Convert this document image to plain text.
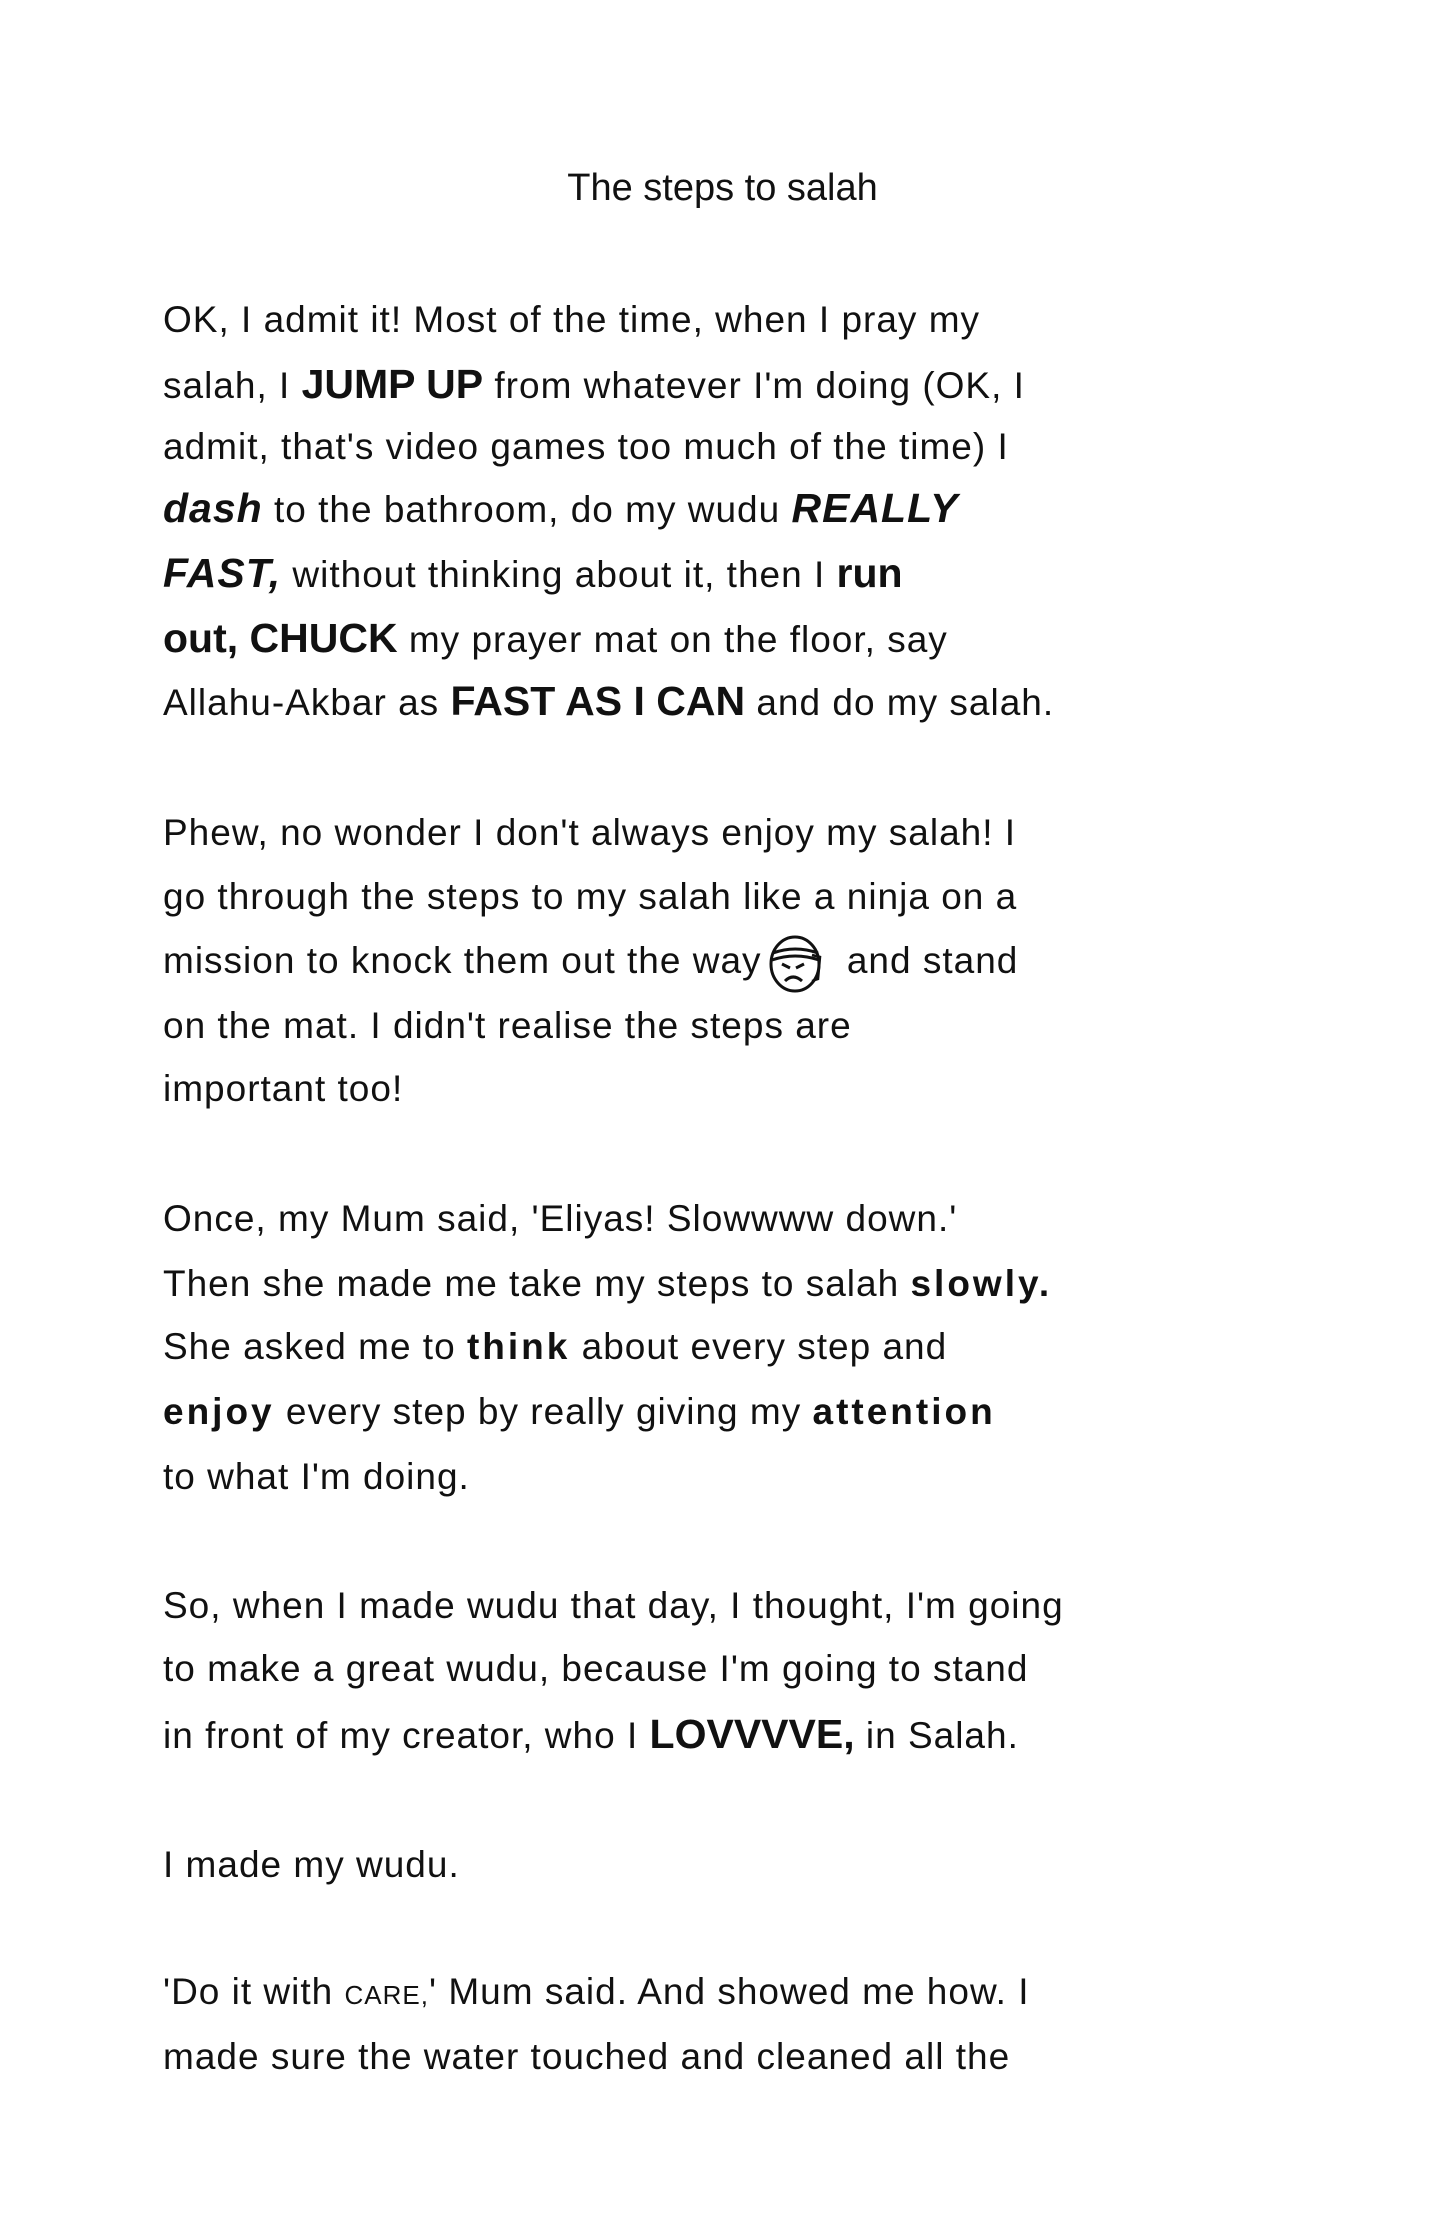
The steps to salah
OK, I admit it! Most of the time, when I pray my
salah, I JUMP UP from whatever I'm doing (OK, I
admit, that's video games too much of the time) I
dash to the bathroom, do my wudu REALLY
FAST, without thinking about it, then I run
out, CHUCK my prayer mat on the floor, say
Allahu-Akbar as FAST AS I CAN and do my salah.
Phew, no wonder I don't always enjoy my salah! I
go through the steps to my salah like a ninja on a
mission to knock them out the way and stand
on the mat. I didn't realise the steps are
important too!
Once, my Mum said, 'Eliyas! Slowwww down.'
Then she made me take my steps to salah slowly.
She asked me to think about every step and
enjoy every step by really giving my attention
to what I'm doing.
So, when I made wudu that day, I thought, I'm going
to make a great wudu, because I'm going to stand
in front of my creator, who I LOVVVVE, in Salah.
I made my wudu.
'Do it with CARE,' Mum said. And showed me how. I
made sure the water touched and cleaned all the
